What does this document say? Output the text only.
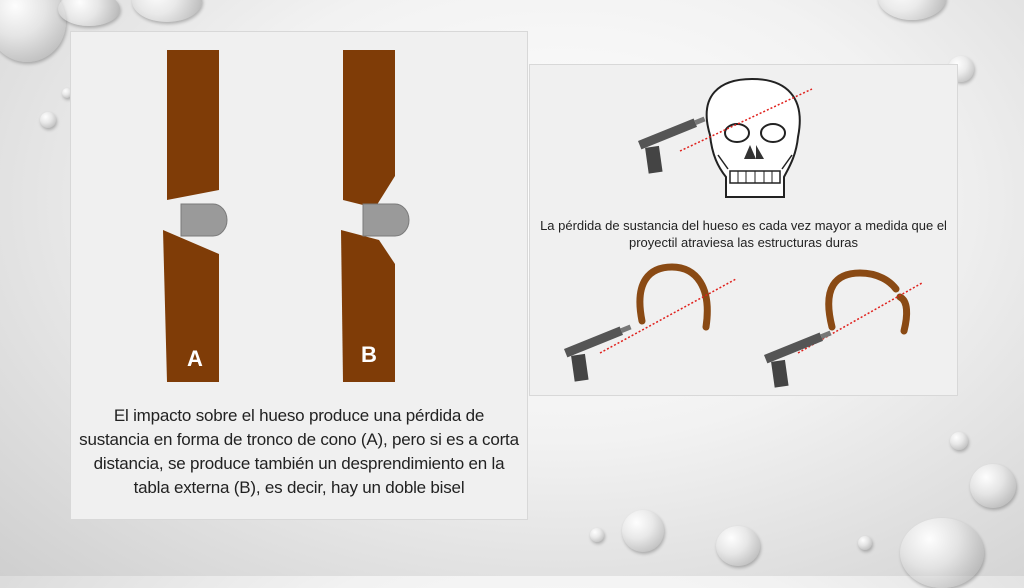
A	B

El impacto sobre el hueso produce una pérdida de sustancia en forma de tronco de cono (A), pero si es a corta distancia, se produce también un desprendimiento en la tabla externa (B), es decir, hay un doble bisel

La pérdida de sustancia del hueso es cada vez mayor a medida que el proyectil atraviesa las estructuras duras
